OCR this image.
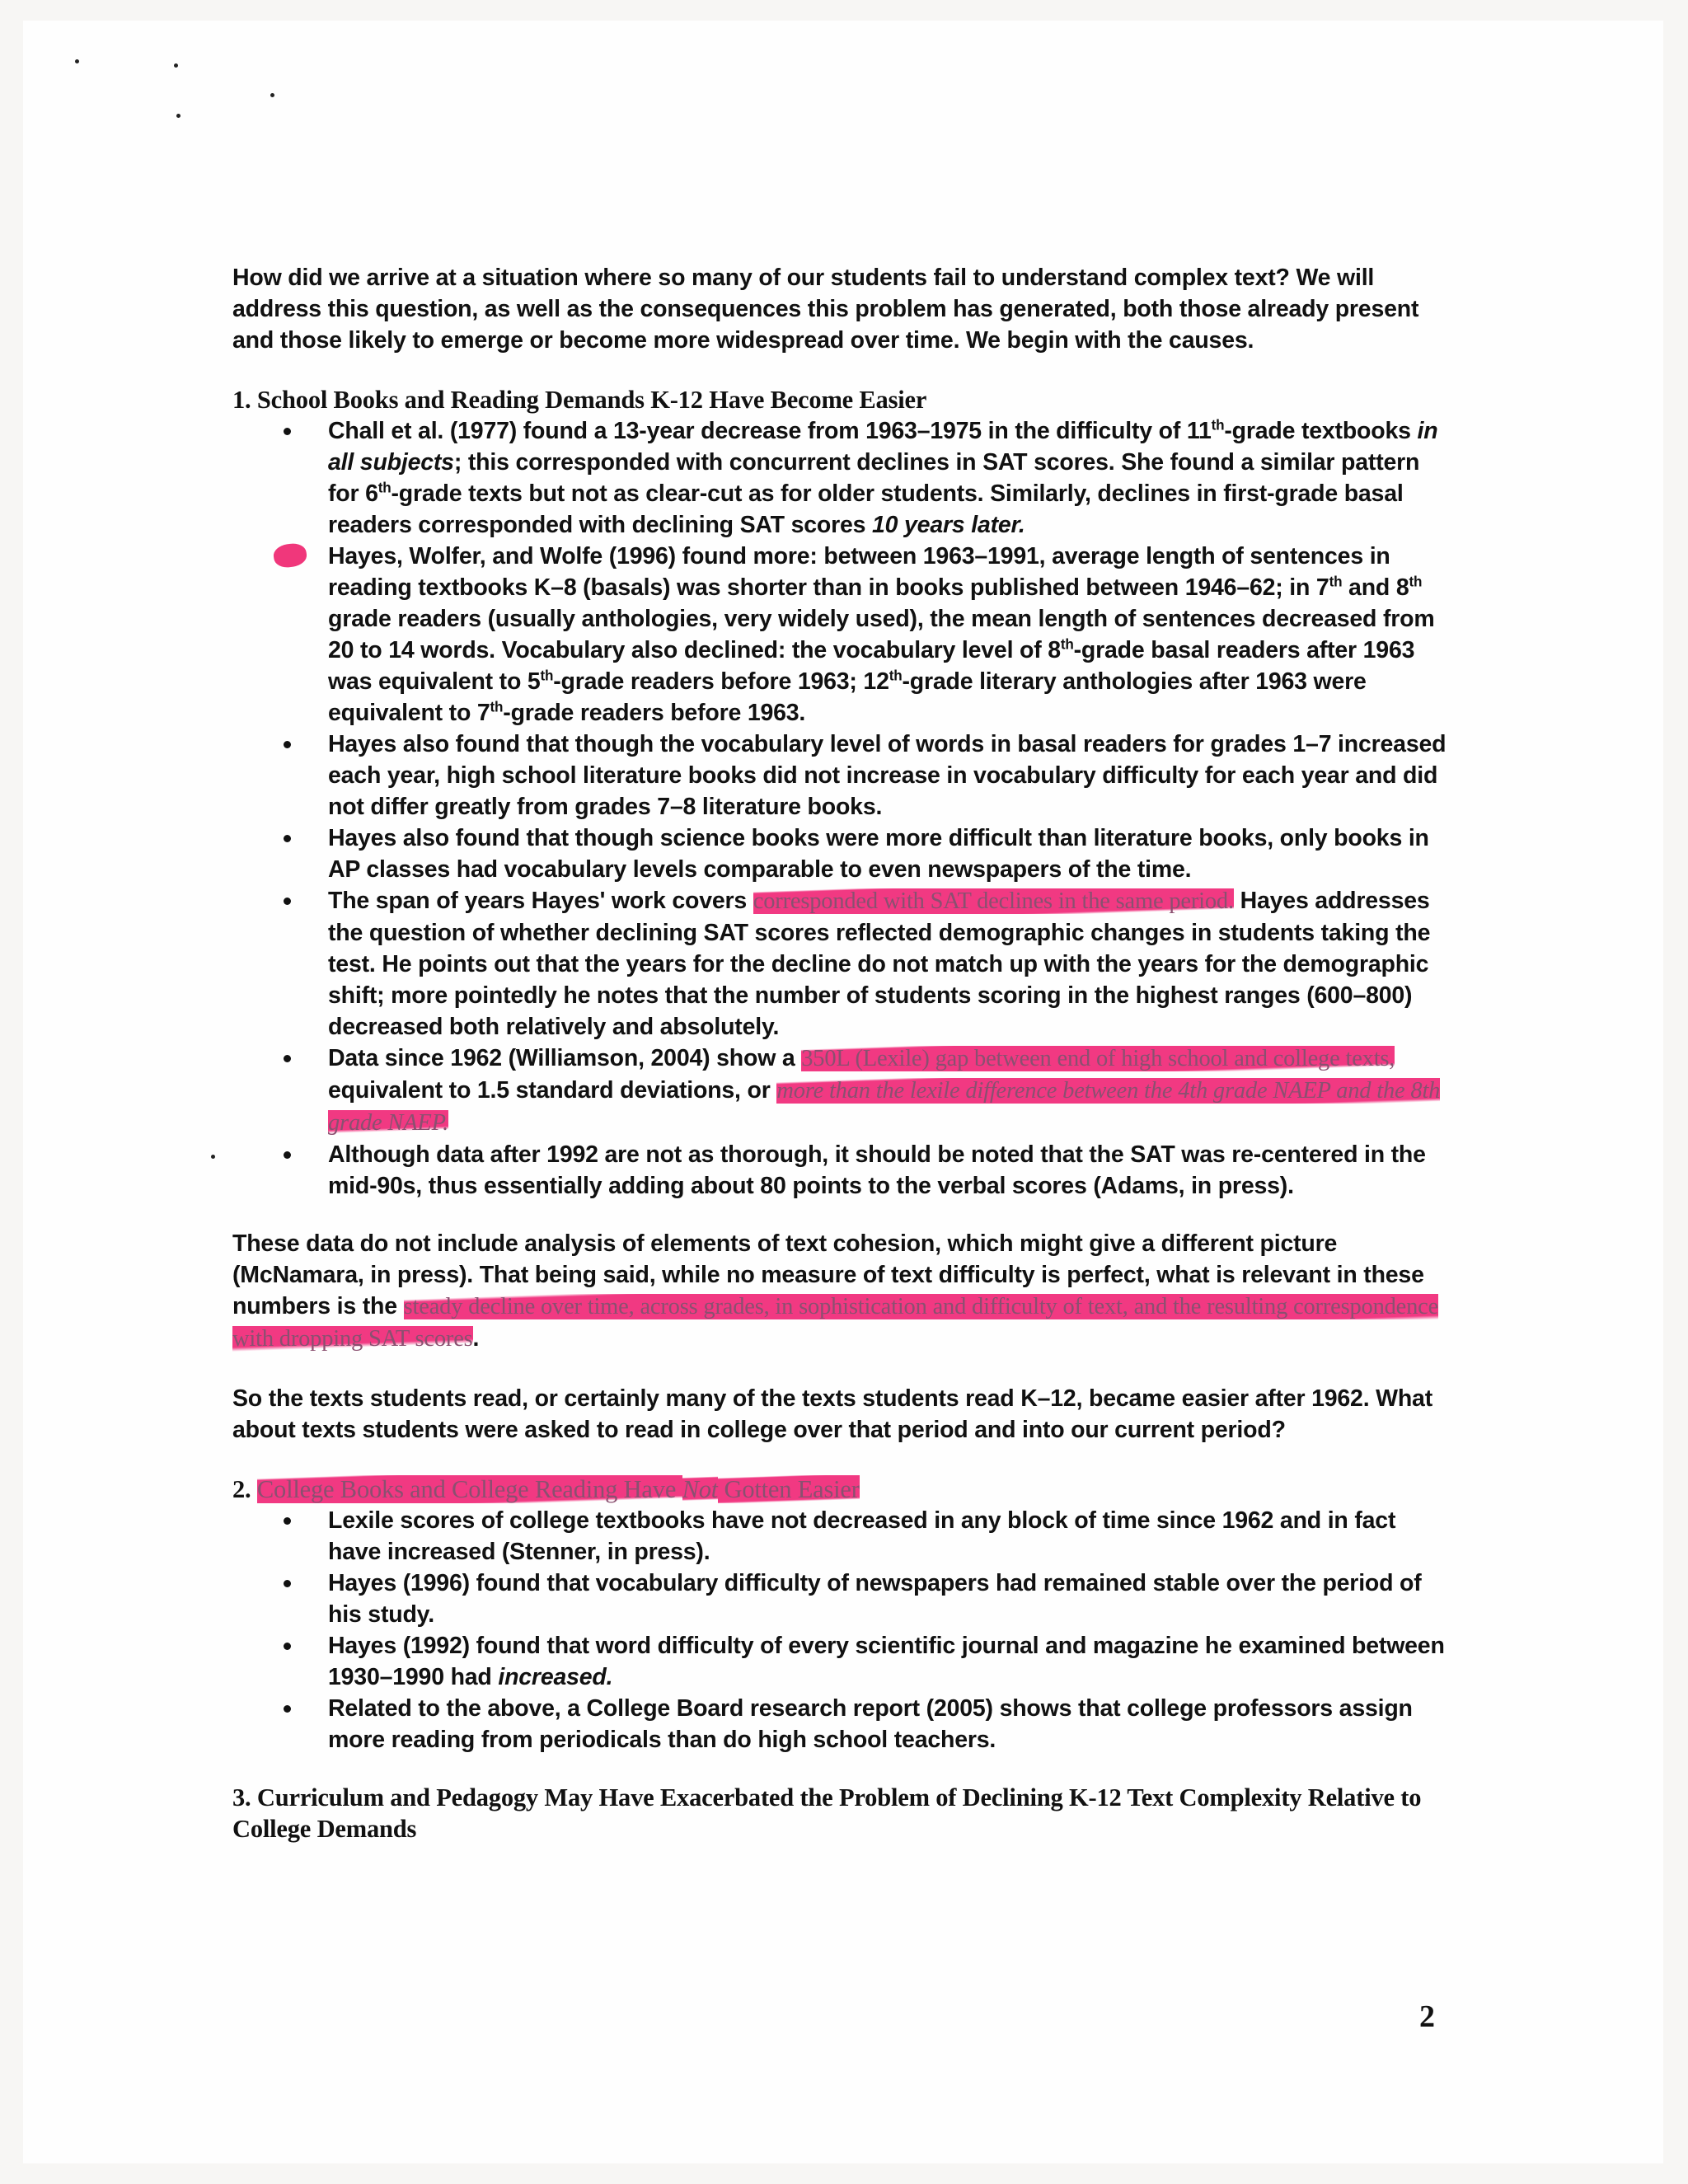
How did we arrive at a situation where so many of our students fail to understand complex text? We will address this question, as well as the consequences this problem has generated, both those already present and those likely to emerge or become more widespread over time. We begin with the causes.

1. School Books and Reading Demands K-12 Have Become Easier

Chall et al. (1977) found a 13-year decrease from 1963–1975 in the difficulty of 11th-grade textbooks in all subjects; this corresponded with concurrent declines in SAT scores. She found a similar pattern for 6th-grade texts but not as clear-cut as for older students. Similarly, declines in first-grade basal readers corresponded with declining SAT scores 10 years later.
Hayes, Wolfer, and Wolfe (1996) found more: between 1963–1991, average length of sentences in reading textbooks K–8 (basals) was shorter than in books published between 1946–62; in 7th and 8th grade readers (usually anthologies, very widely used), the mean length of sentences decreased from 20 to 14 words. Vocabulary also declined: the vocabulary level of 8th-grade basal readers after 1963 was equivalent to 5th-grade readers before 1963; 12th-grade literary anthologies after 1963 were equivalent to 7th-grade readers before 1963.
Hayes also found that though the vocabulary level of words in basal readers for grades 1–7 increased each year, high school literature books did not increase in vocabulary difficulty for each year and did not differ greatly from grades 7–8 literature books.
Hayes also found that though science books were more difficult than literature books, only books in AP classes had vocabulary levels comparable to even newspapers of the time.
The span of years Hayes' work covers corresponded with SAT declines in the same period. Hayes addresses the question of whether declining SAT scores reflected demographic changes in students taking the test. He points out that the years for the decline do not match up with the years for the demographic shift; more pointedly he notes that the number of students scoring in the highest ranges (600–800) decreased both relatively and absolutely.
Data since 1962 (Williamson, 2004) show a 350L (Lexile) gap between end of high school and college texts, equivalent to 1.5 standard deviations, or more than the lexile difference between the 4th grade NAEP and the 8th grade NAEP.
Although data after 1992 are not as thorough, it should be noted that the SAT was re-centered in the mid-90s, thus essentially adding about 80 points to the verbal scores (Adams, in press).

These data do not include analysis of elements of text cohesion, which might give a different picture (McNamara, in press). That being said, while no measure of text difficulty is perfect, what is relevant in these numbers is the steady decline over time, across grades, in sophistication and difficulty of text, and the resulting correspondence with dropping SAT scores.

So the texts students read, or certainly many of the texts students read K–12, became easier after 1962. What about texts students were asked to read in college over that period and into our current period?

2. College Books and College Reading Have Not Gotten Easier

Lexile scores of college textbooks have not decreased in any block of time since 1962 and in fact have increased (Stenner, in press).
Hayes (1996) found that vocabulary difficulty of newspapers had remained stable over the period of his study.
Hayes (1992) found that word difficulty of every scientific journal and magazine he examined between 1930–1990 had increased.
Related to the above, a College Board research report (2005) shows that college professors assign more reading from periodicals than do high school teachers.

3. Curriculum and Pedagogy May Have Exacerbated the Problem of Declining K-12 Text Complexity Relative to College Demands

2
